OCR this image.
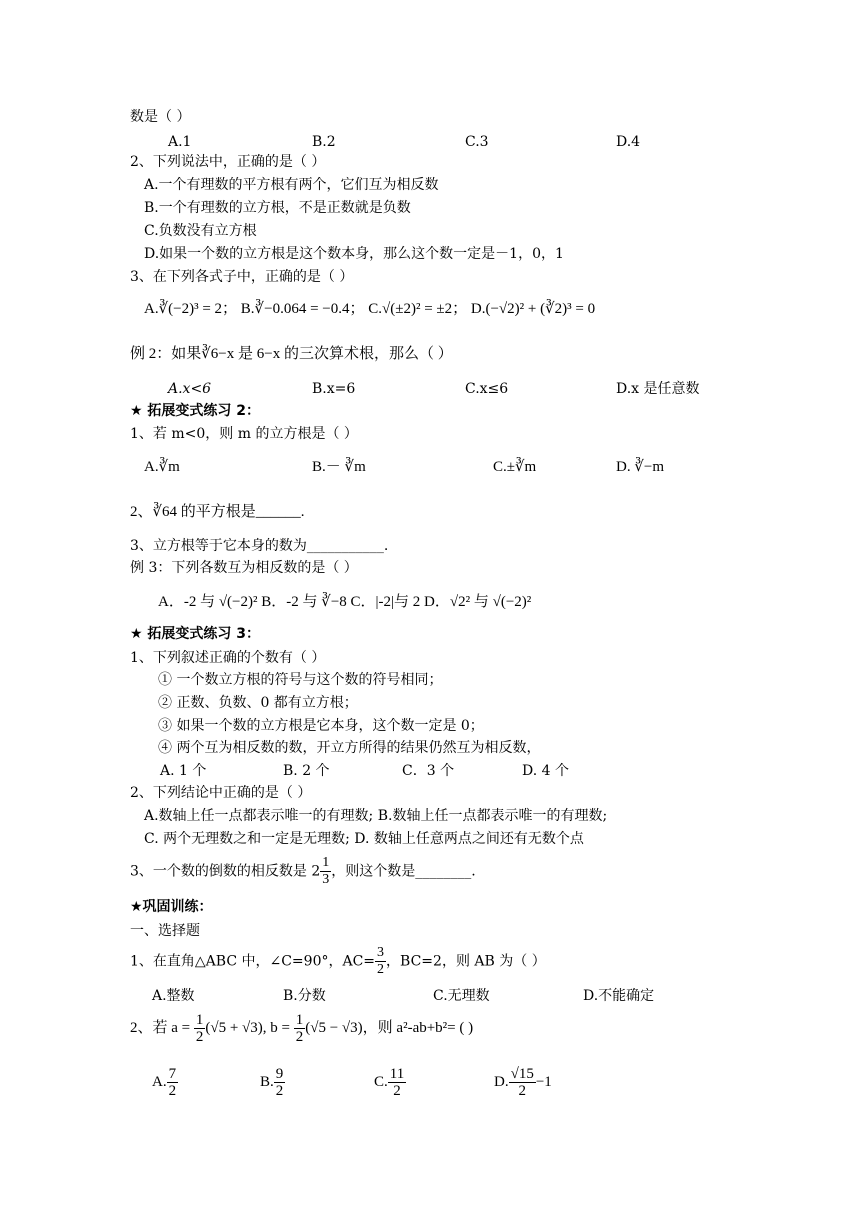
数是（ ）
A.1	B.2	C.3	D.4
2、下列说法中，正确的是（ ）
A.一个有理数的平方根有两个，它们互为相反数
B.一个有理数的立方根，不是正数就是负数
C.负数没有立方根
D.如果一个数的立方根是这个数本身，那么这个数一定是－1，0，1
3、在下列各式子中，正确的是（ ）
A.∛(−2)³ = 2； B.∛−0.064 = −0.4； C.√(±2)² = ±2； D.(−√2)² + (∛2)³ = 0
例 2：如果∛6−x 是 6−x 的三次算术根，那么（ ）
A.x<6	B.x=6	C.x≤6	D.x 是任意数
★ 拓展变式练习 2：
1、若 m<0，则 m 的立方根是（ ）
A.∛m	B.－ ∛m	C.±∛m	D. ∛−m
2、∛64 的平方根是______.
3、立方根等于它本身的数为___________.
例 3：下列各数互为相反数的是（ ）
A．-2 与 √(−2)² B．-2 与 ∛−8 C．|-2|与 2 D．√2² 与 √(−2)²
★ 拓展变式练习 3：
1、下列叙述正确的个数有（ ）
① 一个数立方根的符号与这个数的符号相同；
② 正数、负数、0 都有立方根；
③ 如果一个数的立方根是它本身，这个数一定是 0；
④ 两个互为相反数的数，开立方所得的结果仍然互为相反数，
A. 1 个	B. 2 个	C．3 个	D. 4 个
2、下列结论中正确的是（ ）
A.数轴上任一点都表示唯一的有理数; B.数轴上任一点都表示唯一的有理数;
C. 两个无理数之和一定是无理数; D. 数轴上任意两点之间还有无数个点
3、一个数的倒数的相反数是 $2 \frac{1}{3}$ ，则这个数是________.
★巩固训练：
一、选择题
1、在直角△ABC 中，∠C=90°，$AC= \frac{3}{2}$ ，BC=2，则 AB 为（ ）
A.整数	B.分数	C.无理数	D.不能确定
2、若 $a = \frac{1}{2} (√5 + √3)$, $b = \frac{1}{2} (√5 - √3)$，则 a²-ab+b²= ( )
A. $\frac{7}{2}$	B. $\frac{9}{2}$	C. $\frac{11}{2}$	D. $\frac{√15}{2} -1$
